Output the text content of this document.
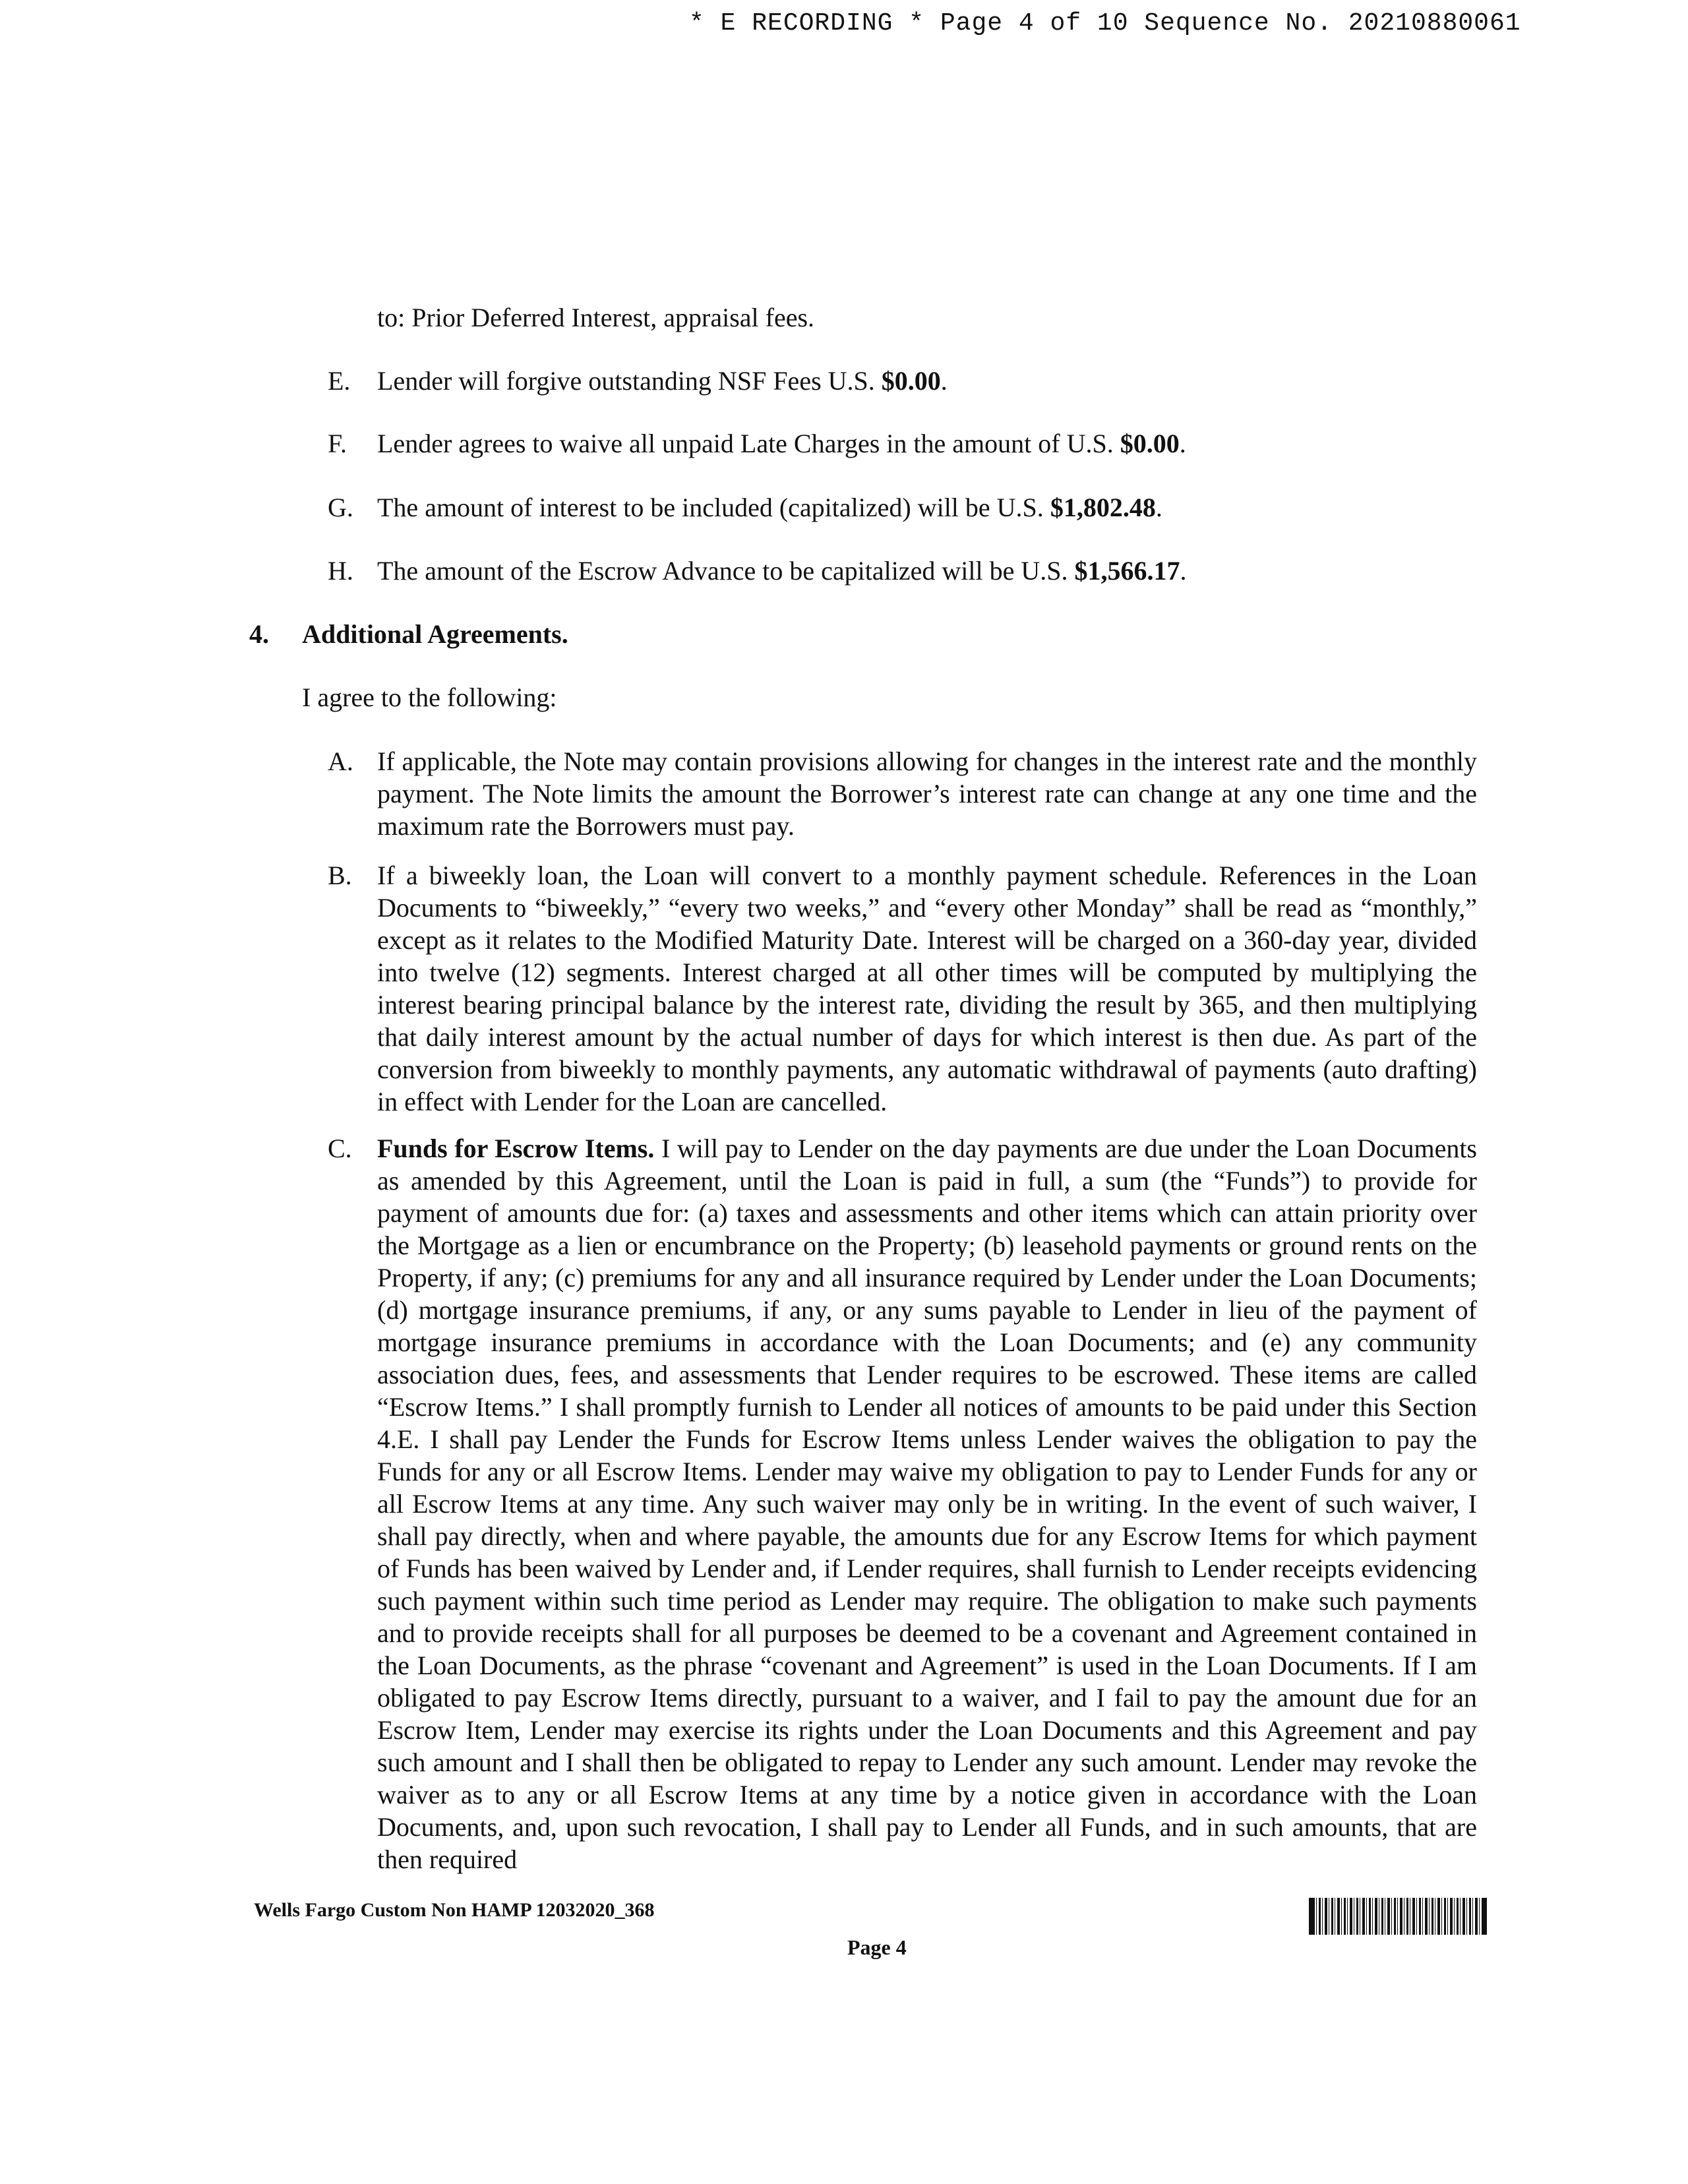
* E RECORDING * Page 4 of 10 Sequence No. 20210880061
to: Prior Deferred Interest, appraisal fees.
E. Lender will forgive outstanding NSF Fees U.S. $0.00.
F. Lender agrees to waive all unpaid Late Charges in the amount of U.S. $0.00.
G. The amount of interest to be included (capitalized) will be U.S. $1,802.48.
H. The amount of the Escrow Advance to be capitalized will be U.S. $1,566.17.
4. Additional Agreements.
I agree to the following:
A. If applicable, the Note may contain provisions allowing for changes in the interest rate and the monthly payment. The Note limits the amount the Borrower’s interest rate can change at any one time and the maximum rate the Borrowers must pay.
B. If a biweekly loan, the Loan will convert to a monthly payment schedule. References in the Loan Documents to “biweekly,” “every two weeks,” and “every other Monday” shall be read as “monthly,” except as it relates to the Modified Maturity Date. Interest will be charged on a 360-day year, divided into twelve (12) segments. Interest charged at all other times will be computed by multiplying the interest bearing principal balance by the interest rate, dividing the result by 365, and then multiplying that daily interest amount by the actual number of days for which interest is then due. As part of the conversion from biweekly to monthly payments, any automatic withdrawal of payments (auto drafting) in effect with Lender for the Loan are cancelled.
C. Funds for Escrow Items. I will pay to Lender on the day payments are due under the Loan Documents as amended by this Agreement, until the Loan is paid in full, a sum (the “Funds”) to provide for payment of amounts due for: (a) taxes and assessments and other items which can attain priority over the Mortgage as a lien or encumbrance on the Property; (b) leasehold payments or ground rents on the Property, if any; (c) premiums for any and all insurance required by Lender under the Loan Documents; (d) mortgage insurance premiums, if any, or any sums payable to Lender in lieu of the payment of mortgage insurance premiums in accordance with the Loan Documents; and (e) any community association dues, fees, and assessments that Lender requires to be escrowed. These items are called “Escrow Items.” I shall promptly furnish to Lender all notices of amounts to be paid under this Section 4.E. I shall pay Lender the Funds for Escrow Items unless Lender waives the obligation to pay the Funds for any or all Escrow Items. Lender may waive my obligation to pay to Lender Funds for any or all Escrow Items at any time. Any such waiver may only be in writing. In the event of such waiver, I shall pay directly, when and where payable, the amounts due for any Escrow Items for which payment of Funds has been waived by Lender and, if Lender requires, shall furnish to Lender receipts evidencing such payment within such time period as Lender may require. The obligation to make such payments and to provide receipts shall for all purposes be deemed to be a covenant and Agreement contained in the Loan Documents, as the phrase “covenant and Agreement” is used in the Loan Documents. If I am obligated to pay Escrow Items directly, pursuant to a waiver, and I fail to pay the amount due for an Escrow Item, Lender may exercise its rights under the Loan Documents and this Agreement and pay such amount and I shall then be obligated to repay to Lender any such amount. Lender may revoke the waiver as to any or all Escrow Items at any time by a notice given in accordance with the Loan Documents, and, upon such revocation, I shall pay to Lender all Funds, and in such amounts, that are then required
Wells Fargo Custom Non HAMP 12032020_368
Page 4
